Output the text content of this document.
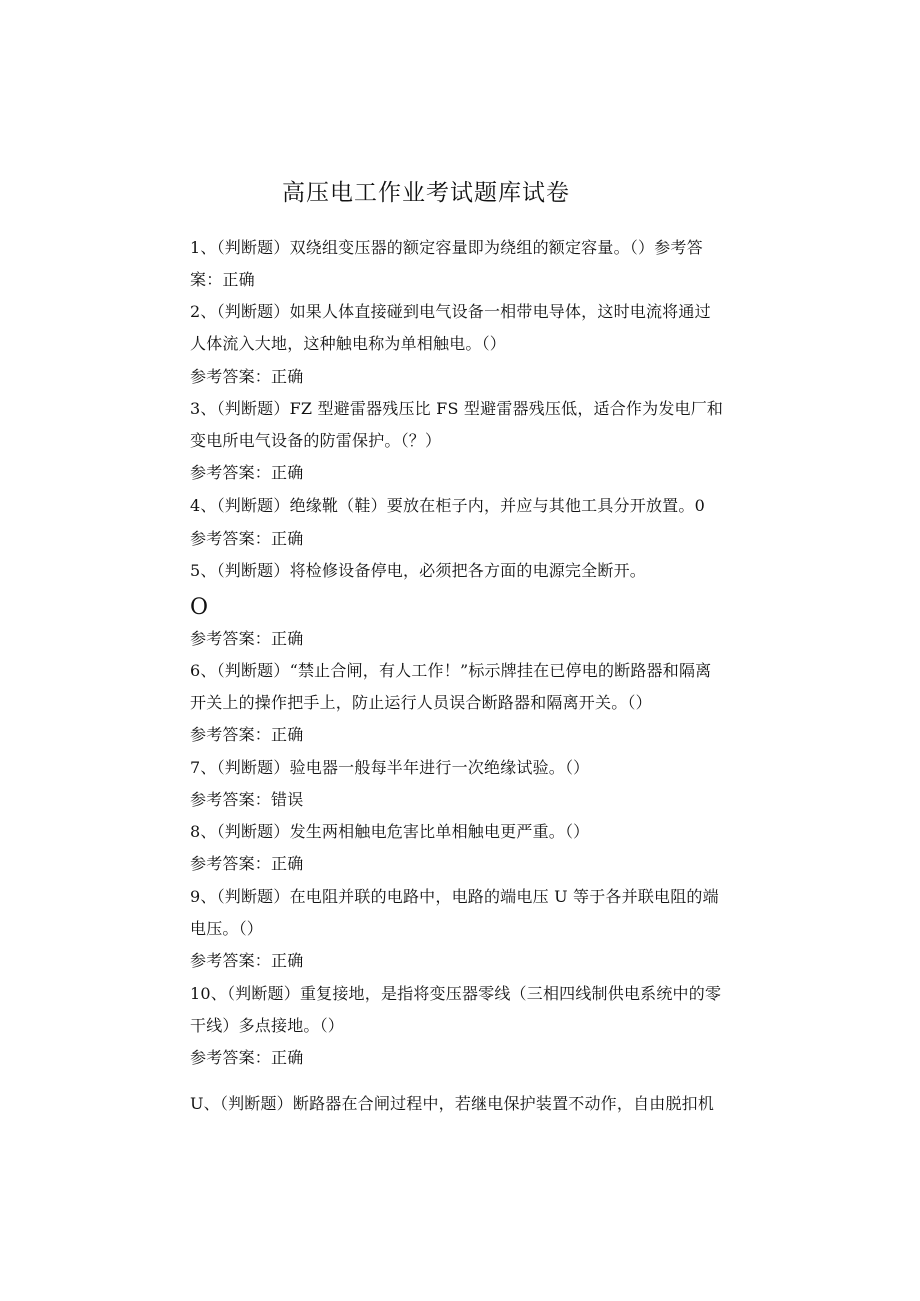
高压电工作业考试题库试卷
1、（判断题）双绕组变压器的额定容量即为绕组的额定容量。（）参考答
案：正确
2、（判断题）如果人体直接碰到电气设备一相带电导体，这时电流将通过
人体流入大地，这种触电称为单相触电。（）
参考答案：正确
3、（判断题）FZ 型避雷器残压比 FS 型避雷器残压低，适合作为发电厂和
变电所电气设备的防雷保护。（？）
参考答案：正确
4、（判断题）绝缘靴（鞋）要放在柜子内，并应与其他工具分开放置。0
参考答案：正确
5、（判断题）将检修设备停电，必须把各方面的电源完全断开。
O
参考答案：正确
6、（判断题）“禁止合闸，有人工作！”标示牌挂在已停电的断路器和隔离
开关上的操作把手上，防止运行人员误合断路器和隔离开关。（）
参考答案：正确
7、（判断题）验电器一般每半年进行一次绝缘试验。（）
参考答案：错误
8、（判断题）发生两相触电危害比单相触电更严重。（）
参考答案：正确
9、（判断题）在电阻并联的电路中，电路的端电压 U 等于各并联电阻的端
电压。（）
参考答案：正确
10、（判断题）重复接地，是指将变压器零线（三相四线制供电系统中的零
干线）多点接地。（）
参考答案：正确
U、（判断题）断路器在合闸过程中，若继电保护装置不动作，自由脱扣机
